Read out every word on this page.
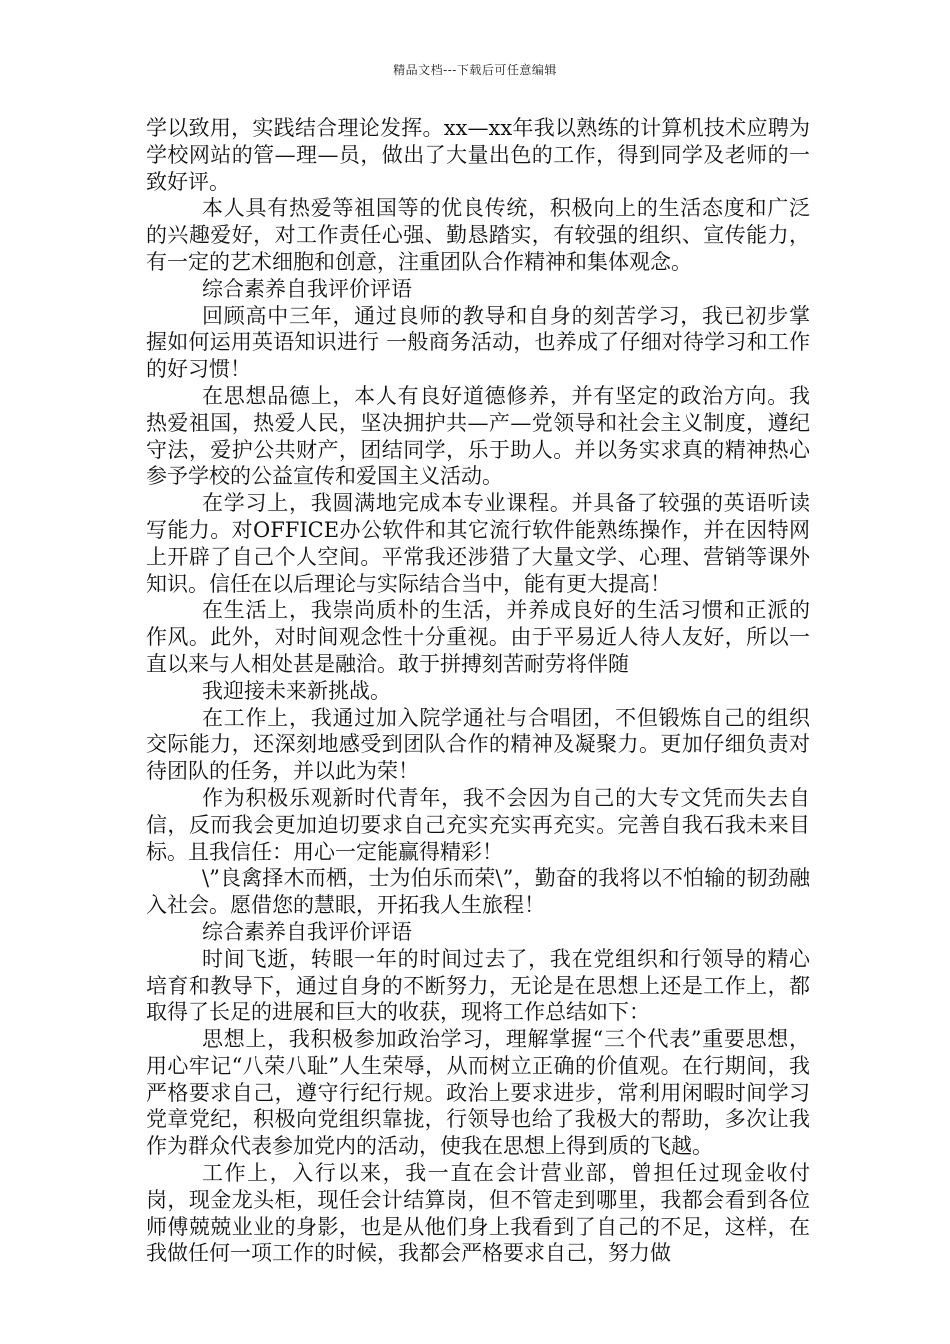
精品文档---下载后可任意编辑

学以致用，实践结合理论发挥。xx—xx年我以熟练的计算机技术应聘为学校网站的管—理—员，做出了大量出色的工作，得到同学及老师的一致好评。

本人具有热爱等祖国等的优良传统，积极向上的生活态度和广泛的兴趣爱好，对工作责任心强、勤恳踏实，有较强的组织、宣传能力，有一定的艺术细胞和创意，注重团队合作精神和集体观念。

综合素养自我评价评语

回顾高中三年，通过良师的教导和自身的刻苦学习，我已初步掌握如何运用英语知识进行 一般商务活动，也养成了仔细对待学习和工作的好习惯！

在思想品德上，本人有良好道德修养，并有坚定的政治方向。我热爱祖国，热爱人民，坚决拥护共—产—党领导和社会主义制度，遵纪守法，爱护公共财产，团结同学，乐于助人。并以务实求真的精神热心参予学校的公益宣传和爱国主义活动。

在学习上，我圆满地完成本专业课程。并具备了较强的英语听读写能力。对OFFICE办公软件和其它流行软件能熟练操作，并在因特网上开辟了自己个人空间。平常我还涉猎了大量文学、心理、营销等课外知识。信任在以后理论与实际结合当中，能有更大提高！

在生活上，我崇尚质朴的生活，并养成良好的生活习惯和正派的作风。此外，对时间观念性十分重视。由于平易近人待人友好，所以一直以来与人相处甚是融洽。敢于拼搏刻苦耐劳将伴随

我迎接未来新挑战。

在工作上，我通过加入院学通社与合唱团，不但锻炼自己的组织交际能力，还深刻地感受到团队合作的精神及凝聚力。更加仔细负责对待团队的任务，并以此为荣！

作为积极乐观新时代青年，我不会因为自己的大专文凭而失去自信，反而我会更加迫切要求自己充实充实再充实。完善自我石我未来目标。且我信任：用心一定能赢得精彩！

\”良禽择木而栖，士为伯乐而荣\”，勤奋的我将以不怕输的韧劲融入社会。愿借您的慧眼，开拓我人生旅程！

综合素养自我评价评语

时间飞逝，转眼一年的时间过去了，我在党组织和行领导的精心培育和教导下，通过自身的不断努力，无论是在思想上还是工作上，都取得了长足的进展和巨大的收获，现将工作总结如下：

思想上，我积极参加政治学习，理解掌握“三个代表”重要思想，用心牢记“八荣八耻”人生荣辱，从而树立正确的价值观。在行期间，我严格要求自己，遵守行纪行规。政治上要求进步，常利用闲暇时间学习党章党纪，积极向党组织靠拢，行领导也给了我极大的帮助，多次让我作为群众代表参加党内的活动，使我在思想上得到质的飞越。

工作上，入行以来，我一直在会计营业部，曾担任过现金收付岗，现金龙头柜，现任会计结算岗，但不管走到哪里，我都会看到各位师傅兢兢业业的身影，也是从他们身上我看到了自己的不足，这样，在我做任何一项工作的时候，我都会严格要求自己，努力做
